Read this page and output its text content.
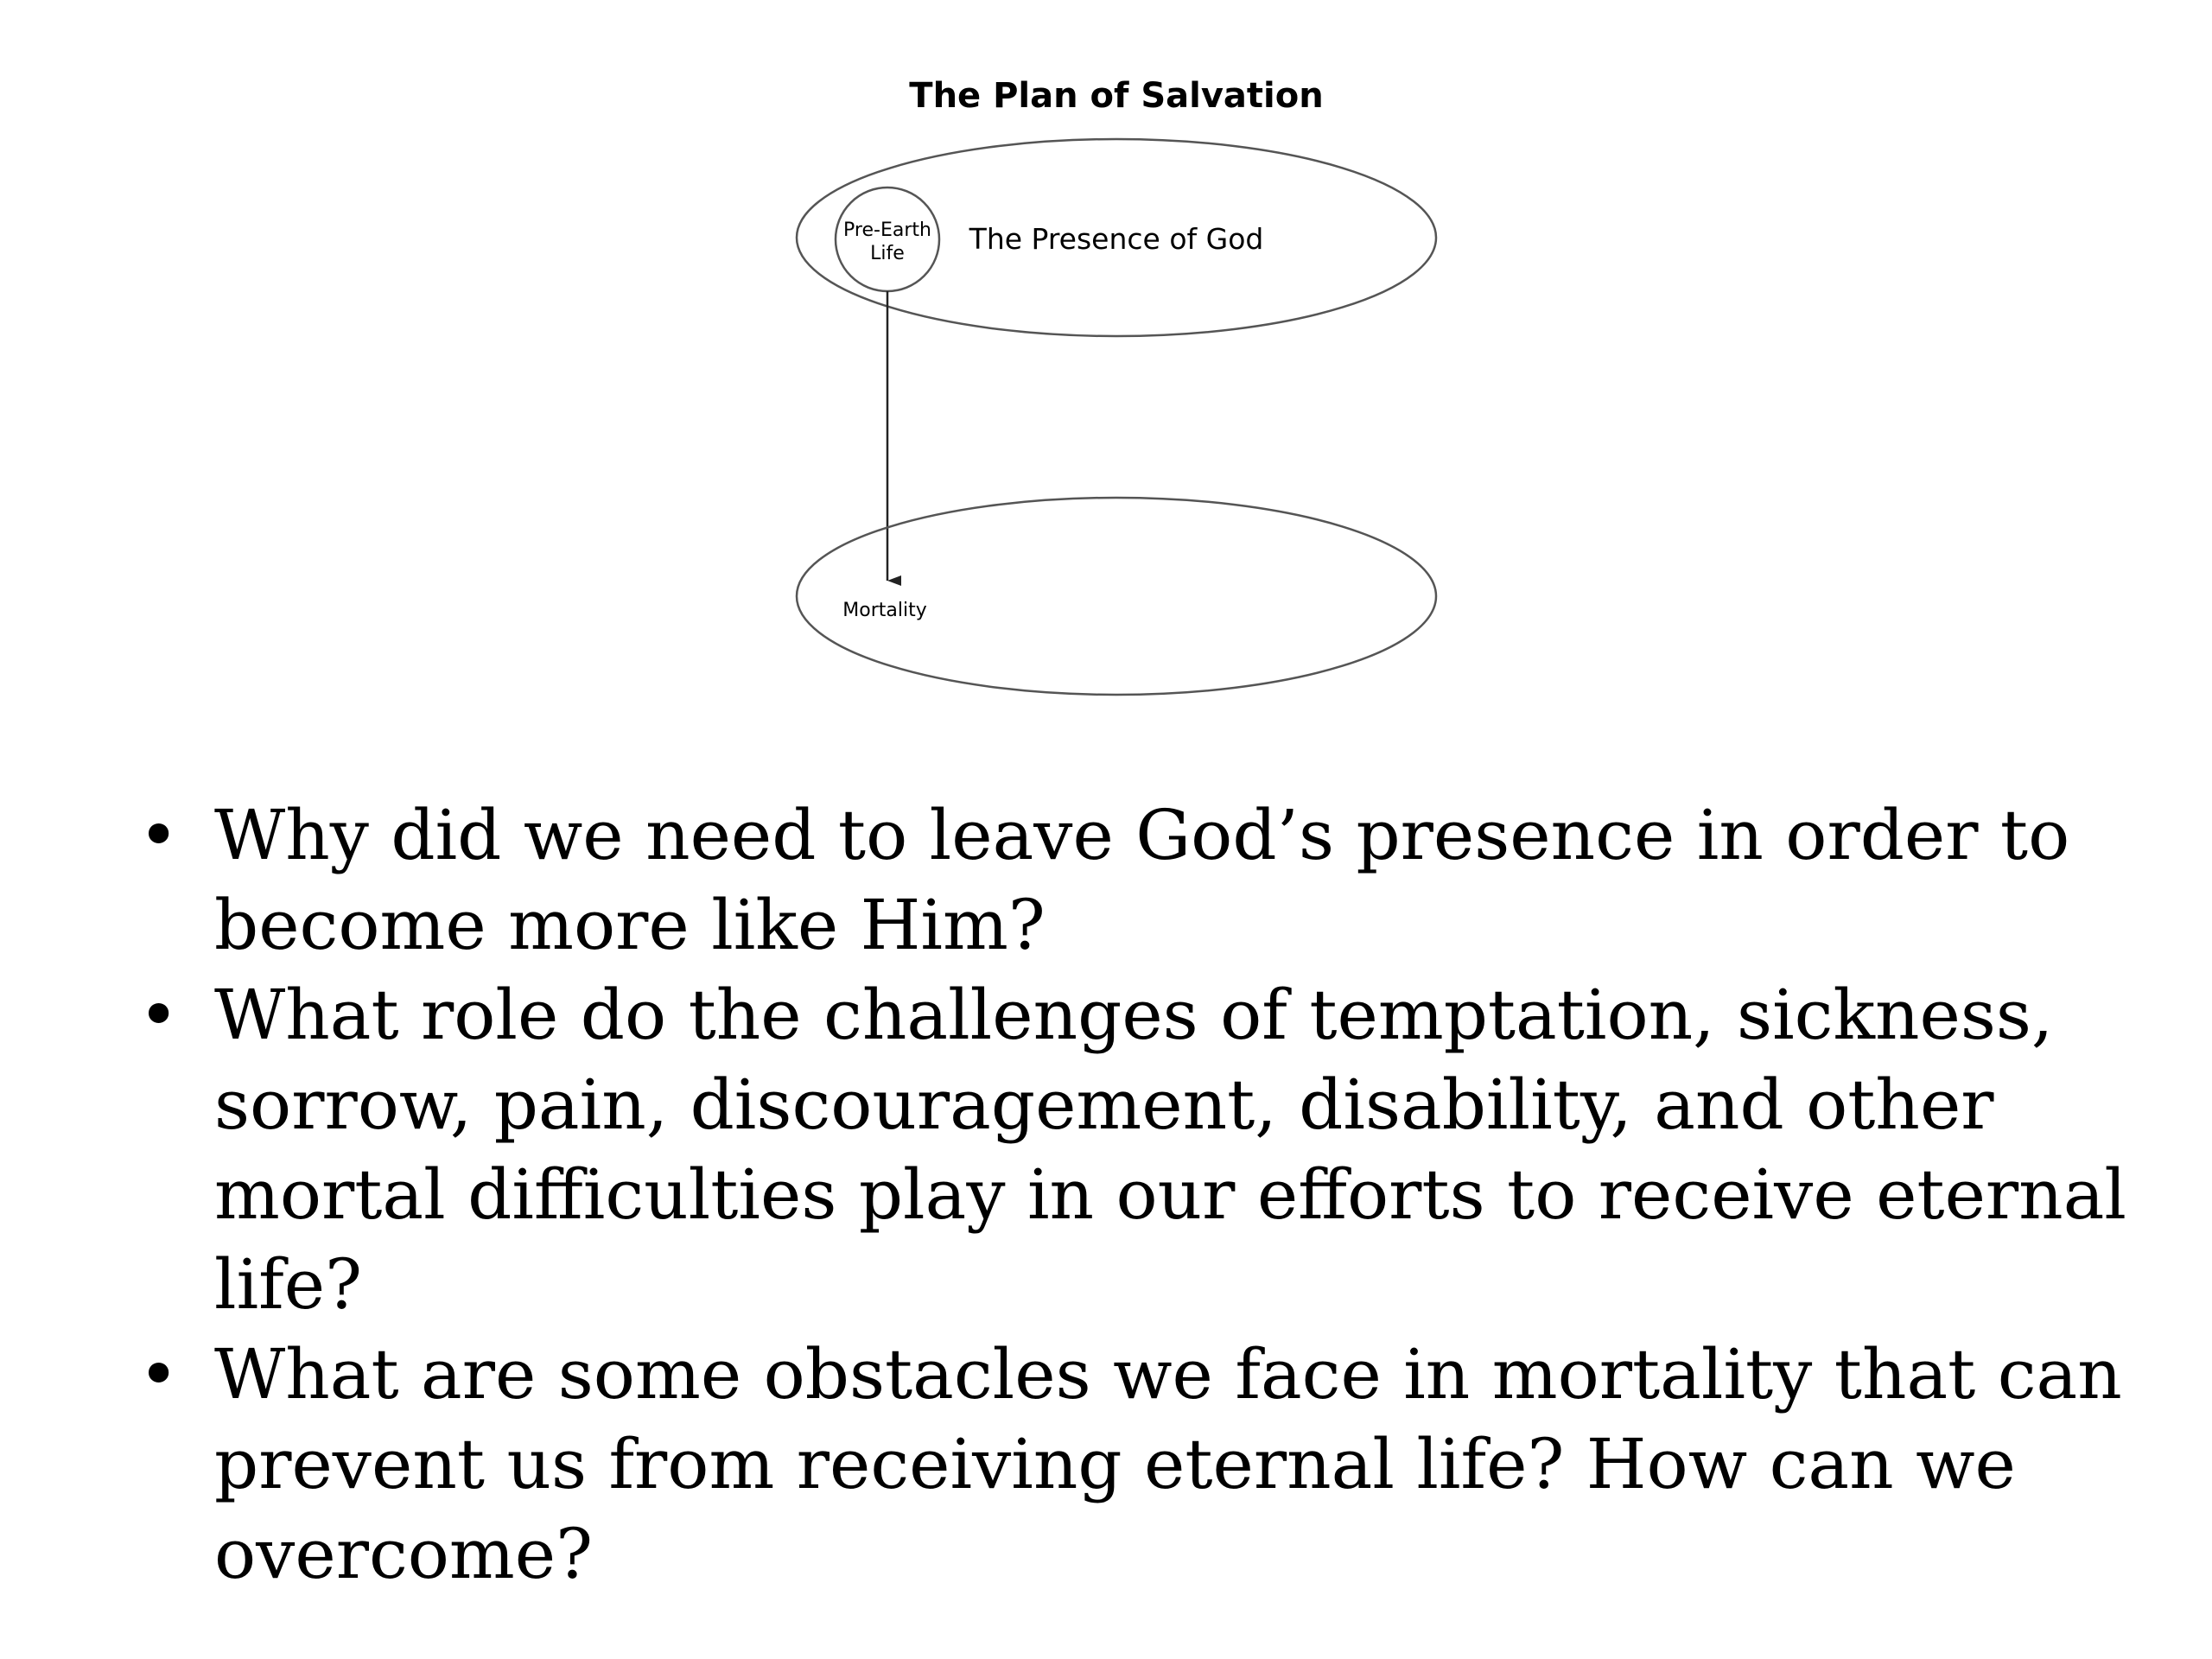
The Plan of Salvation
The Presence of God
Pre-Earth
Life
Mortality
• Why did we need to leave God’s presence in order to become more like Him?
• What role do the challenges of temptation, sickness, sorrow, pain, discouragement, disability, and other mortal difficulties play in our efforts to receive eternal life?
• What are some obstacles we face in mortality that can prevent us from receiving eternal life? How can we overcome?
